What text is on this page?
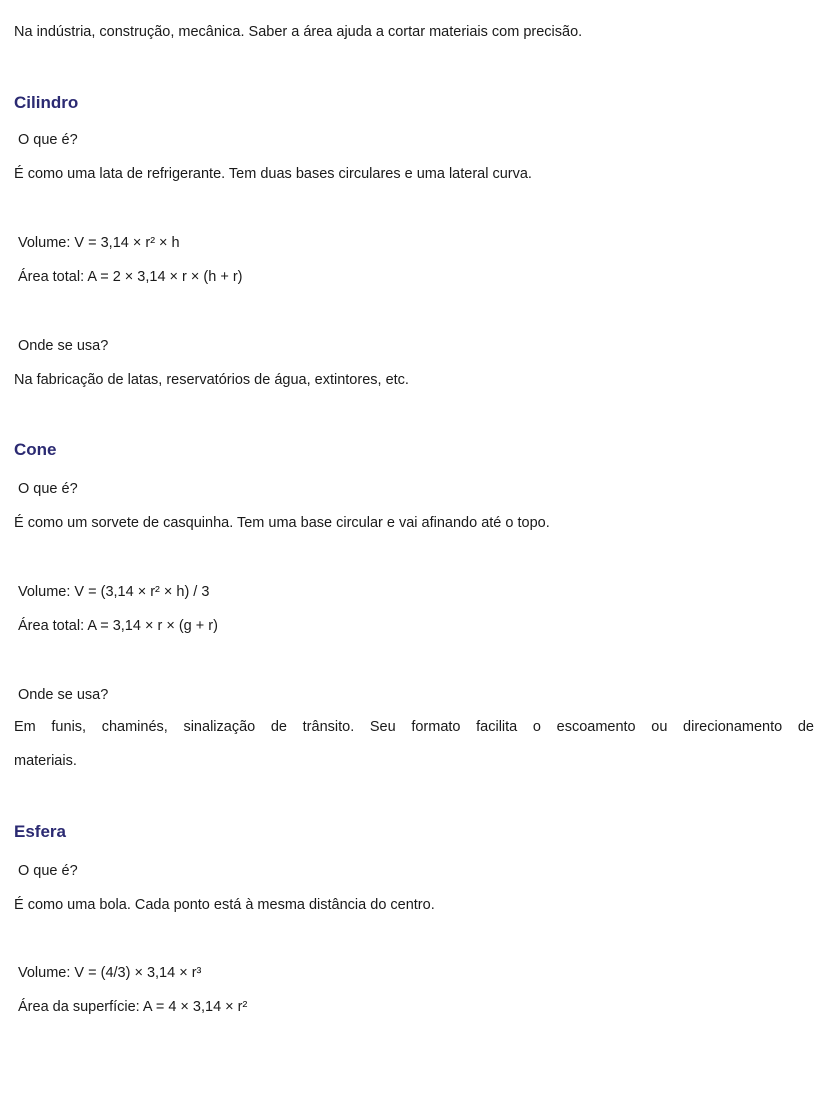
Na indústria, construção, mecânica. Saber a área ajuda a cortar materiais com precisão.
Cilindro
O que é?
É como uma lata de refrigerante. Tem duas bases circulares e uma lateral curva.
Volume: V = 3,14 × r² × h
Área total: A = 2 × 3,14 × r × (h + r)
Onde se usa?
Na fabricação de latas, reservatórios de água, extintores, etc.
Cone
O que é?
É como um sorvete de casquinha. Tem uma base circular e vai afinando até o topo.
Volume: V = (3,14 × r² × h) / 3
Área total: A = 3,14 × r × (g + r)
Onde se usa?
Em funis, chaminés, sinalização de trânsito. Seu formato facilita o escoamento ou direcionamento de
materiais.
Esfera
O que é?
É como uma bola. Cada ponto está à mesma distância do centro.
Volume: V = (4/3) × 3,14 × r³
Área da superfície: A = 4 × 3,14 × r²
